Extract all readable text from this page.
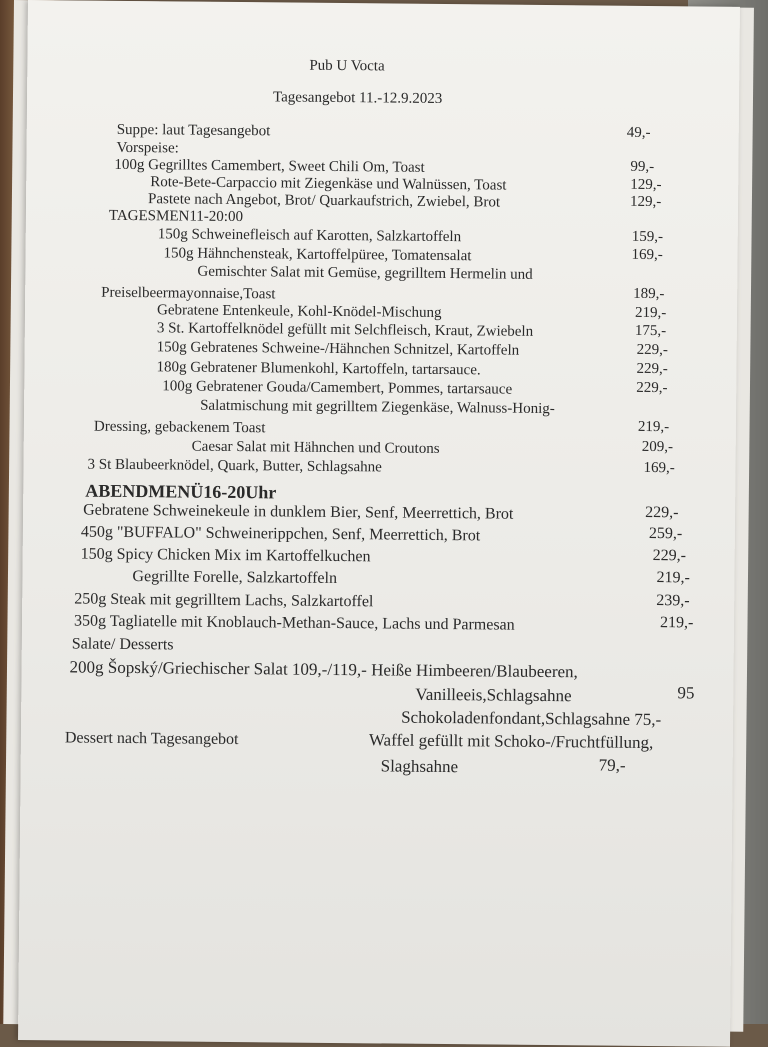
Pub U Vocta
Tagesangebot 11.-12.9.2023
Suppe: laut Tagesangebot	49,-
Vorspeise:
100g Gegrilltes Camembert, Sweet Chili Om, Toast	99,-
Rote-Bete-Carpaccio mit Ziegenkäse und Walnüssen, Toast	129,-
Pastete nach Angebot, Brot/ Quarkaufstrich, Zwiebel, Brot	129,-
TAGESMEN11-20:00
150g Schweinefleisch auf Karotten, Salzkartoffeln	159,-
150g Hähnchensteak, Kartoffelpüree, Tomatensalat	169,-
Gemischter Salat mit Gemüse, gegrilltem Hermelin und
Preiselbeermayonnaise,Toast	189,-
Gebratene Entenkeule, Kohl-Knödel-Mischung	219,-
3 St. Kartoffelknödel gefüllt mit Selchfleisch, Kraut, Zwiebeln	175,-
150g Gebratenes Schweine-/Hähnchen Schnitzel, Kartoffeln	229,-
180g Gebratener Blumenkohl, Kartoffeln, tartarsauce.	229,-
100g Gebratener Gouda/Camembert, Pommes, tartarsauce	229,-
Salatmischung mit gegrilltem Ziegenkäse, Walnuss-Honig-
Dressing, gebackenem Toast	219,-
Caesar Salat mit Hähnchen und Croutons	209,-
3 St Blaubeerknödel, Quark, Butter, Schlagsahne	169,-
ABENDMENÜ16-20Uhr
Gebratene Schweinekeule in dunklem Bier, Senf, Meerrettich, Brot	229,-
450g "BUFFALO" Schweinerippchen, Senf, Meerrettich, Brot	259,-
150g Spicy Chicken Mix im Kartoffelkuchen	229,-
Gegrillte Forelle, Salzkartoffeln	219,-
250g Steak mit gegrilltem Lachs, Salzkartoffel	239,-
350g Tagliatelle mit Knoblauch-Methan-Sauce, Lachs und Parmesan	219,-
Salate/ Desserts
200g Šopský/Griechischer Salat 109,-/119,- Heiße Himbeeren/Blaubeeren,
Vanilleeis,Schlagsahne	95
Schokoladenfondant,Schlagsahne 75,-
Dessert nach Tagesangebot	Waffel gefüllt mit Schoko-/Fruchtfüllung,
Slaghsahne	79,-
